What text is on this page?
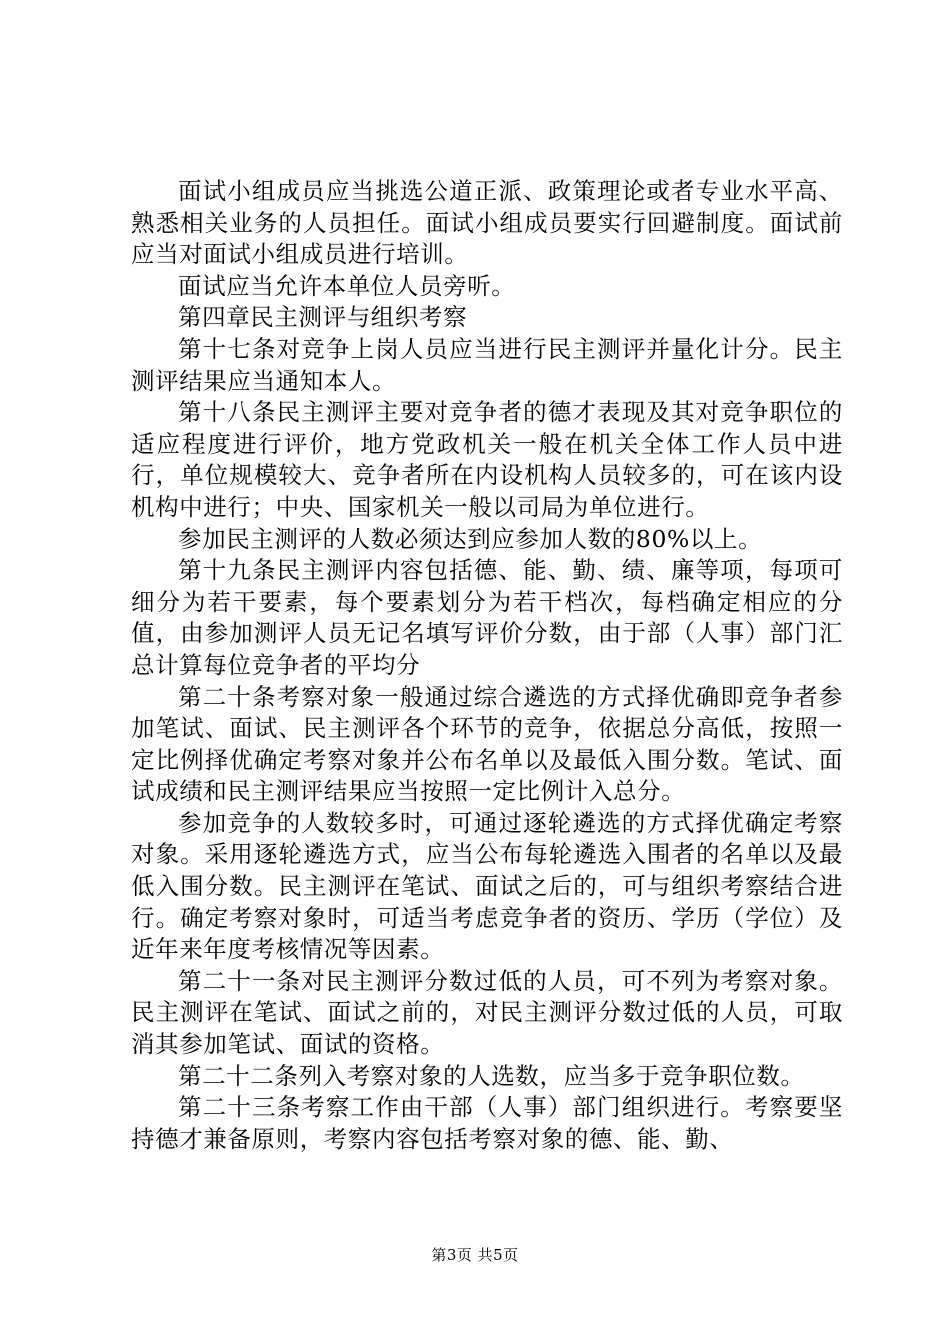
面试小组成员应当挑选公道正派、政策理论或者专业水平高、熟悉相关业务的人员担任。面试小组成员要实行回避制度。面试前应当对面试小组成员进行培训。

面试应当允许本单位人员旁听。

第四章民主测评与组织考察

第十七条对竞争上岗人员应当进行民主测评并量化计分。民主测评结果应当通知本人。

第十八条民主测评主要对竞争者的德才表现及其对竞争职位的适应程度进行评价，地方党政机关一般在机关全体工作人员中进行，单位规模较大、竞争者所在内设机构人员较多的，可在该内设机构中进行；中央、国家机关一般以司局为单位进行。

参加民主测评的人数必须达到应参加人数的80%以上。

第十九条民主测评内容包括德、能、勤、绩、廉等项，每项可细分为若干要素，每个要素划分为若干档次，每档确定相应的分值，由参加测评人员无记名填写评价分数，由于部（人事）部门汇总计算每位竞争者的平均分

第二十条考察对象一般通过综合遴选的方式择优确即竞争者参加笔试、面试、民主测评各个环节的竞争，依据总分高低，按照一定比例择优确定考察对象并公布名单以及最低入围分数。笔试、面试成绩和民主测评结果应当按照一定比例计入总分。

参加竞争的人数较多时，可通过逐轮遴选的方式择优确定考察对象。采用逐轮遴选方式，应当公布每轮遴选入围者的名单以及最低入围分数。民主测评在笔试、面试之后的，可与组织考察结合进行。确定考察对象时，可适当考虑竞争者的资历、学历（学位）及近年来年度考核情况等因素。

第二十一条对民主测评分数过低的人员，可不列为考察对象。民主测评在笔试、面试之前的，对民主测评分数过低的人员，可取消其参加笔试、面试的资格。

第二十二条列入考察对象的人选数，应当多于竞争职位数。

第二十三条考察工作由干部（人事）部门组织进行。考察要坚持德才兼备原则，考察内容包括考察对象的德、能、勤、

第3页 共5页
